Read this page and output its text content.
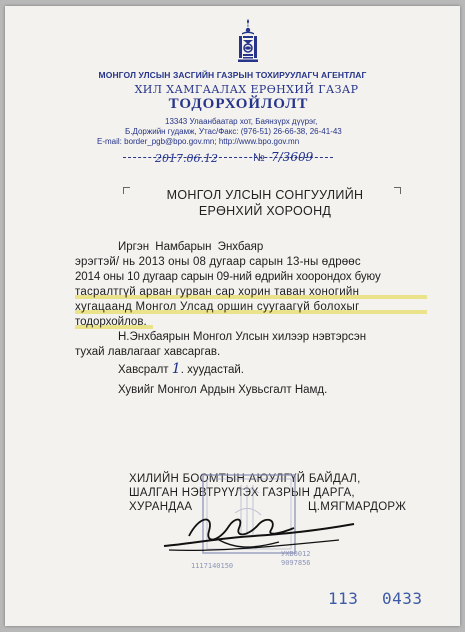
МОНГОЛ УЛСЫН ЗАСГИЙН ГАЗРЫН ТОХИРУУЛАГЧ АГЕНТЛАГ
ХИЛ ХАМГААЛАХ ЕРӨНХИЙ ГАЗАР
ТОДОРХОЙЛОЛТ
13343 Улаанбаатар хот, Баянзүрх дүүрэг,
Б.Доржийн гудамж, Утас/Факс: (976-51) 26-66-38, 26-41-43
E-mail: border_pgb@bpo.gov.mn; http://www.bpo.gov.mn
2017.06.12	№ 7/3609
МОНГОЛ УЛСЫН СОНГУУЛИЙН
ЕРӨНХИЙ ХОРООНД
Иргэн Намбарын Энхбаяр
эрэгтэй/ нь 2013 оны 08 дугаар сарын 13-ны өдрөөс
2014 оны 10 дугаар сарын 09-ний өдрийн хоорондох буюу
тасралтгүй арван гурван сар хорин таван хоногийн
хугацаанд Монгол Улсад оршин суугаагүй болохыг
тодорхойлов.
Н.Энхбаярын Монгол Улсын хилээр нэвтэрсэн
тухай лавлагааг хавсаргав.
Хавсралт 1. хуудастай.
Хувийг Монгол Ардын Хувьсгалт Намд.
ХИЛИЙН БООМТЫН АЮУЛГҮЙ БАЙДАЛ,
ШАЛГАН НЭВТРҮҮЛЭХ ГАЗРЫН ДАРГА,
ХУРАНДАА	Ц.МЯГМАРДОРЖ
1117140150
УХВ0012
9097856
113 0433
